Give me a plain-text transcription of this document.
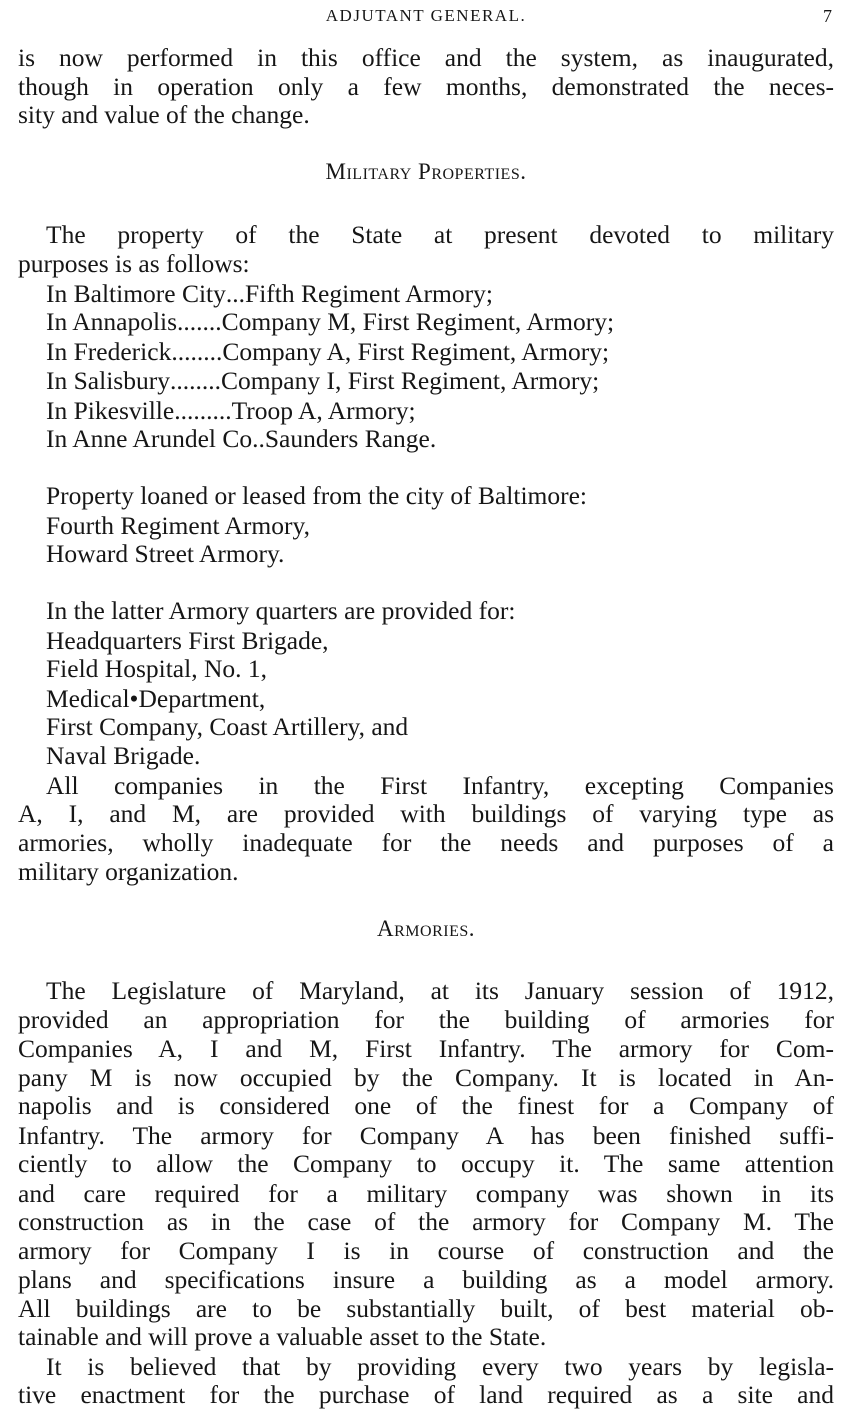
ADJUTANT GENERAL.	7
is now performed in this office and the system, as inaugurated,
though in operation only a few months, demonstrated the neces-
sity and value of the change.
Military Properties.
The property of the State at present devoted to military
purposes is as follows:
In Baltimore City...Fifth Regiment Armory;
In Annapolis.......Company M, First Regiment, Armory;
In Frederick........Company A, First Regiment, Armory;
In Salisbury........Company I, First Regiment, Armory;
In Pikesville.........Troop A, Armory;
In Anne Arundel Co..Saunders Range.
Property loaned or leased from the city of Baltimore:
Fourth Regiment Armory,
Howard Street Armory.
In the latter Armory quarters are provided for:
Headquarters First Brigade,
Field Hospital, No. 1,
Medical•Department,
First Company, Coast Artillery, and
Naval Brigade.
All companies in the First Infantry, excepting Companies
A, I, and M, are provided with buildings of varying type as
armories, wholly inadequate for the needs and purposes of a
military organization.
Armories.
The Legislature of Maryland, at its January session of 1912,
provided an appropriation for the building of armories for
Companies A, I and M, First Infantry. The armory for Com-
pany M is now occupied by the Company. It is located in An-
napolis and is considered one of the finest for a Company of
Infantry. The armory for Company A has been finished suffi-
ciently to allow the Company to occupy it. The same attention
and care required for a military company was shown in its
construction as in the case of the armory for Company M. The
armory for Company I is in course of construction and the
plans and specifications insure a building as a model armory.
All buildings are to be substantially built, of best material ob-
tainable and will prove a valuable asset to the State.
It is believed that by providing every two years by legisla-
tive enactment for the purchase of land required as a site and
